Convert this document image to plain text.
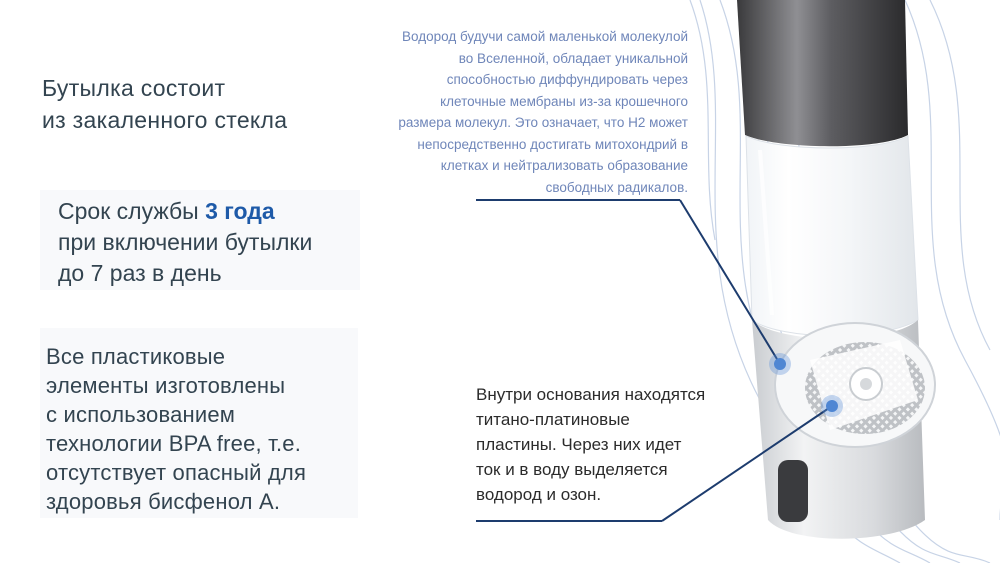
Бутылка состоит

из закаленного стекла

Срок службы 3 года

при включении бутылки

до 7 раз в день

Все пластиковые

элементы изготовлены

с использованием

технологии BPA free, т.е.

отсутствует опасный для

здоровья бисфенол А.

Водород будучи самой маленькой молекулой

во Вселенной, обладает уникальной

способностью диффундировать через

клеточные мембраны из-за крошечного

размера молекул. Это означает, что H2 может

непосредственно достигать митохондрий в

клетках и нейтрализовать образование

свободных радикалов.

Внутри основания находятся

титано-платиновые

пластины. Через них идет

ток и в воду выделяется

водород и озон.
